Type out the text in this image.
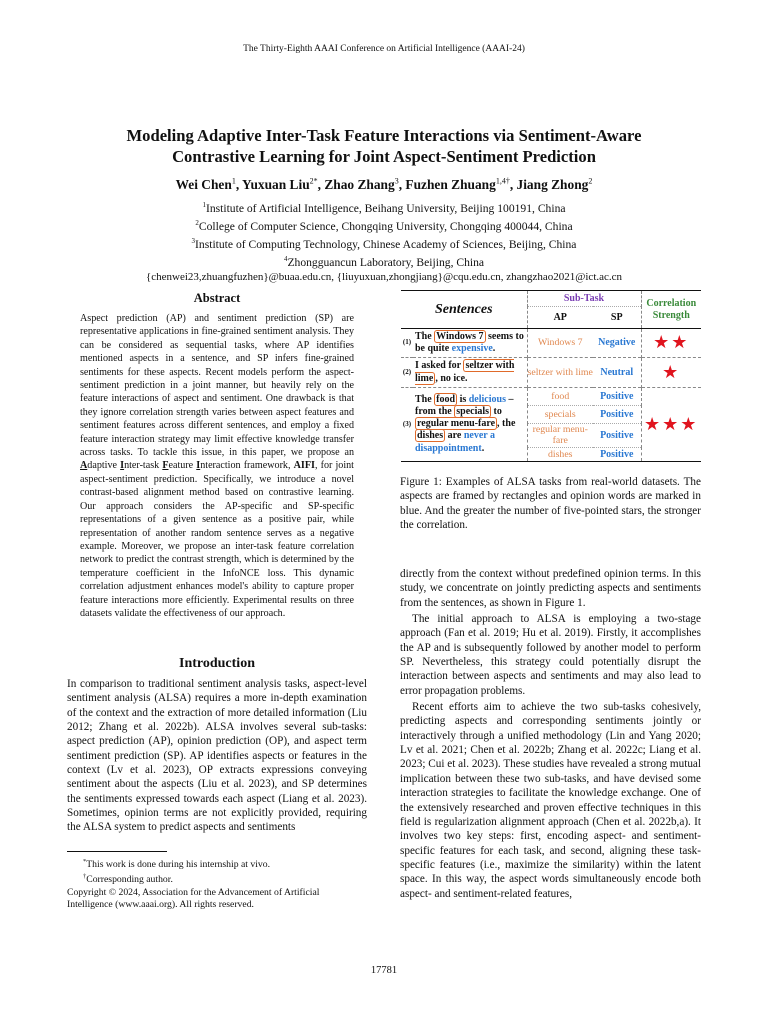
The Thirty-Eighth AAAI Conference on Artificial Intelligence (AAAI-24)
Modeling Adaptive Inter-Task Feature Interactions via Sentiment-Aware
Contrastive Learning for Joint Aspect-Sentiment Prediction
Wei Chen$^1$, Yuxuan Liu$^{2*}$, Zhao Zhang$^3$, Fuzhen Zhuang$^{1,4\dagger}$, Jiang Zhong$^2$
$^1$Institute of Artificial Intelligence, Beihang University, Beijing 100191, China
$^2$College of Computer Science, Chongqing University, Chongqing 400044, China
$^3$Institute of Computing Technology, Chinese Academy of Sciences, Beijing, China
$^4$Zhongguancun Laboratory, Beijing, China
{chenwei23,zhuangfuzhen}@buaa.edu.cn, {liuyuxuan,zhongjiang}@cqu.edu.cn, zhangzhao2021@ict.ac.cn
Abstract
Aspect prediction (AP) and sentiment prediction (SP) are representative applications in fine-grained sentiment analysis. They can be considered as sequential tasks, where AP identifies mentioned aspects in a sentence, and SP infers fine-grained sentiments for these aspects. Recent models perform the aspect-sentiment prediction in a joint manner, but heavily rely on the feature interactions of aspect and sentiment. One drawback is that they ignore correlation strength varies between aspect features and sentiment features across different sentences, and employ a fixed feature interaction strategy may limit effective knowledge transfer across tasks. To tackle this issue, in this paper, we propose an Adaptive Inter-task Feature Interaction framework, AIFI, for joint aspect-sentiment prediction. Specifically, we introduce a novel contrast-based alignment method based on contrastive learning. Our approach considers the AP-specific and SP-specific representations of a given sentence as a positive pair, while representation of another random sentence serves as a negative example. Moreover, we propose an inter-task feature correlation network to predict the contrast strength, which is determined by the temperature coefficient in the InfoNCE loss. This dynamic correlation adjustment enhances model's ability to capture proper feature interactions more efficiently. Experimental results on three datasets validate the effectiveness of our approach.
Introduction
In comparison to traditional sentiment analysis tasks, aspect-level sentiment analysis (ALSA) requires a more in-depth examination of the context and the extraction of more detailed information (Liu 2012; Zhang et al. 2022b). ALSA involves several sub-tasks: aspect prediction (AP), opinion prediction (OP), and aspect term sentiment prediction (SP). AP identifies aspects or features in the context (Lv et al. 2023), OP extracts expressions conveying sentiment about the aspects (Liu et al. 2023), and SP determines the sentiments expressed towards each aspect (Liang et al. 2023). Sometimes, opinion terms are not explicitly provided, requiring the ALSA system to predict aspects and sentiments
*This work is done during his internship at vivo.
†Corresponding author.
Copyright © 2024, Association for the Advancement of Artificial Intelligence (www.aaai.org). All rights reserved.
Sentences		Sub-Task		Correlation Strength
		AP	SP	
(1)	The Windows 7 seems to be quite expensive.	Windows 7	Negative	★★
(2)	I asked for seltzer with lime , no ice.	seltzer with lime	Neutral	★
(3)	The food is delicious – from the specials to regular menu-fare , the dishes are never a disappointment.	food	Positive	★★★
		specials	Positive	
		regular menu-fare	Positive	
		dishes	Positive	
Figure 1: Examples of ALSA tasks from real-world datasets. The aspects are framed by rectangles and opinion words are marked in blue. And the greater the number of five-pointed stars, the stronger the correlation.

directly from the context without predefined opinion terms. In this study, we concentrate on jointly predicting aspects and sentiments from the sentences, as shown in Figure 1.

The initial approach to ALSA is employing a two-stage approach (Fan et al. 2019; Hu et al. 2019). Firstly, it accomplishes the AP and is subsequently followed by another model to perform SP. Nevertheless, this strategy could potentially disrupt the interaction between aspects and sentiments and may also lead to error propagation problems.

Recent efforts aim to achieve the two sub-tasks cohesively, predicting aspects and corresponding sentiments jointly or interactively through a unified methodology (Lin and Yang 2020; Lv et al. 2021; Chen et al. 2022b; Zhang et al. 2022c; Liang et al. 2023; Cui et al. 2023). These studies have revealed a strong mutual implication between these two sub-tasks, and have devised some interaction strategies to facilitate the knowledge exchange. One of the extensively researched and proven effective techniques in this field is regularization alignment approach (Chen et al. 2022b,a). It involves two key steps: first, encoding aspect- and sentiment-specific features for each task, and second, aligning these task-specific features (i.e., maximize the similarity) within the latent space. In this way, the aspect words simultaneously encode both aspect- and sentiment-related features,

17781
